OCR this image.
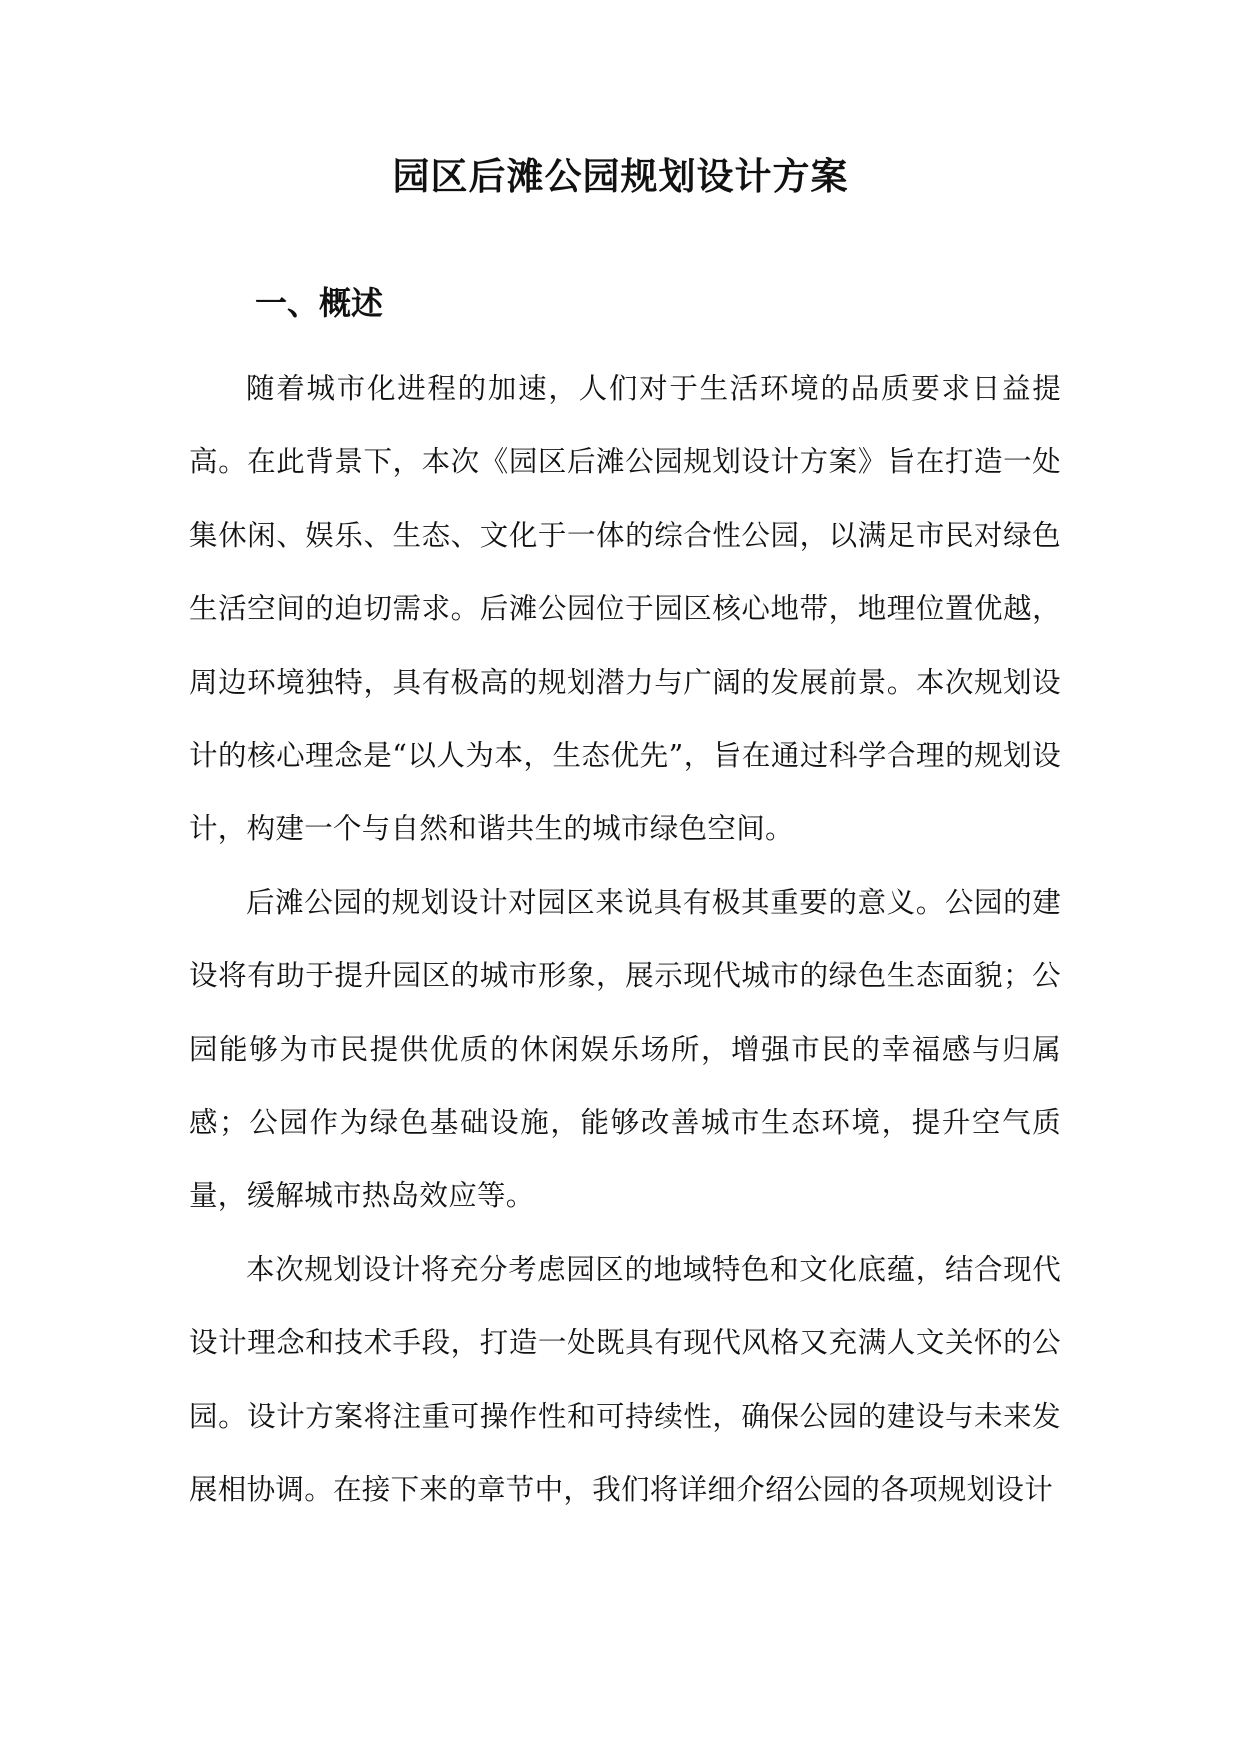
园区后滩公园规划设计方案
一、概述

随着城市化进程的加速，人们对于生活环境的品质要求日益提高。在此背景下，本次《园区后滩公园规划设计方案》旨在打造一处集休闲、娱乐、生态、文化于一体的综合性公园，以满足市民对绿色生活空间的迫切需求。后滩公园位于园区核心地带，地理位置优越，周边环境独特，具有极高的规划潜力与广阔的发展前景。本次规划设计的核心理念是“以人为本，生态优先”，旨在通过科学合理的规划设计，构建一个与自然和谐共生的城市绿色空间。

后滩公园的规划设计对园区来说具有极其重要的意义。公园的建设将有助于提升园区的城市形象，展示现代城市的绿色生态面貌；公园能够为市民提供优质的休闲娱乐场所，增强市民的幸福感与归属感；公园作为绿色基础设施，能够改善城市生态环境，提升空气质量，缓解城市热岛效应等。

本次规划设计将充分考虑园区的地域特色和文化底蕴，结合现代设计理念和技术手段，打造一处既具有现代风格又充满人文关怀的公园。设计方案将注重可操作性和可持续性，确保公园的建设与未来发展相协调。在接下来的章节中，我们将详细介绍公园的各项规划设计
